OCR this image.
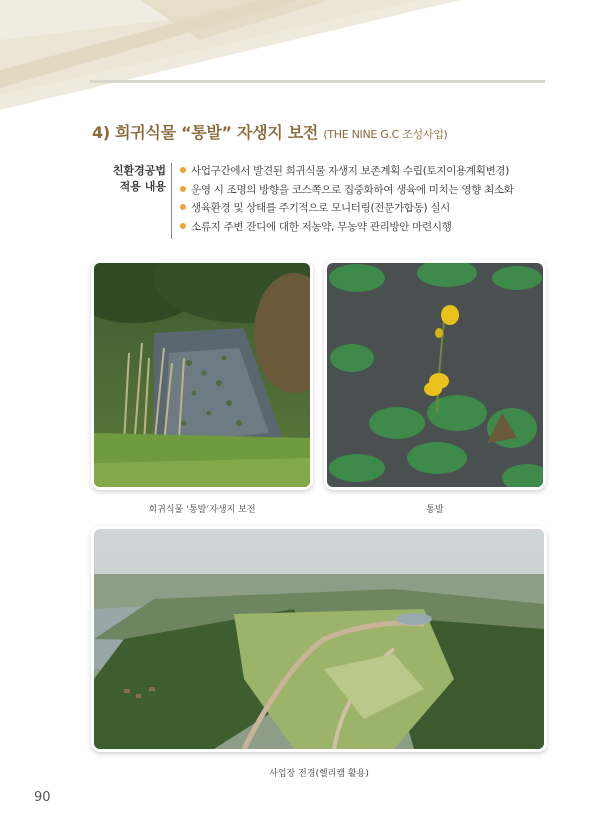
4) 희귀식물 “통발” 자생지 보전 (THE NINE G.C 조성사업)
친환경공법
적용 내용
사업구간에서 발견된 희귀식물 자생지 보존계획 수립(토지이용계획변경)
운영 시 조명의 방향을 코스쪽으로 집중화하여 생육에 미치는 영향 최소화
생육환경 및 상태를 주기적으로 모니터링(전문가합동) 실시
소류지 주변 잔디에 대한 저농약, 무농약 관리방안 마련시행
희귀식물 ‘통발’자생지 보전	통발
사업장 전경(헬리캠 활용)
90
